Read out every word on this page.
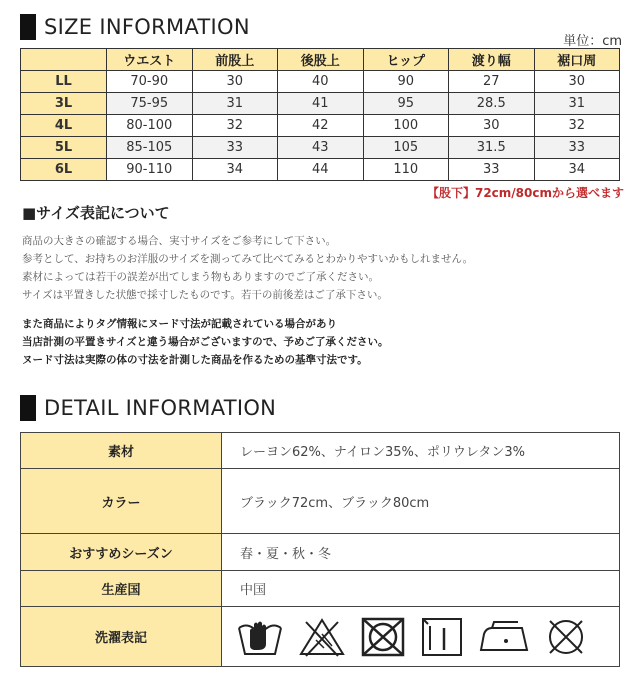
SIZE INFORMATION
単位：cm
	ウエスト	前股上	後股上	ヒップ	渡り幅	裾口周
LL	70-90	30	40	90	27	30
3L	75-95	31	41	95	28.5	31
4L	80-100	32	42	100	30	32
5L	85-105	33	43	105	31.5	33
6L	90-110	34	44	110	33	34
【股下】72cm/80cmから選べます
■サイズ表記について
商品の大きさの確認する場合、実寸サイズをご参考にして下さい。
参考として、お持ちのお洋服のサイズを測ってみて比べてみるとわかりやすいかもしれません。
素材によっては若干の誤差が出てしまう物もありますのでご了承ください。
サイズは平置きした状態で採寸したものです。若干の前後差はご了承下さい。
また商品によりタグ情報にヌード寸法が記載されている場合があり
当店計測の平置きサイズと違う場合がございますので、予めご了承ください。
ヌード寸法は実際の体の寸法を計測した商品を作るための基準寸法です。
DETAIL INFORMATION
素材	レーヨン62%、ナイロン35%、ポリウレタン3%
カラー	ブラック72cm、ブラック80cm
おすすめシーズン	春・夏・秋・冬
生産国	中国
洗濯表記	
